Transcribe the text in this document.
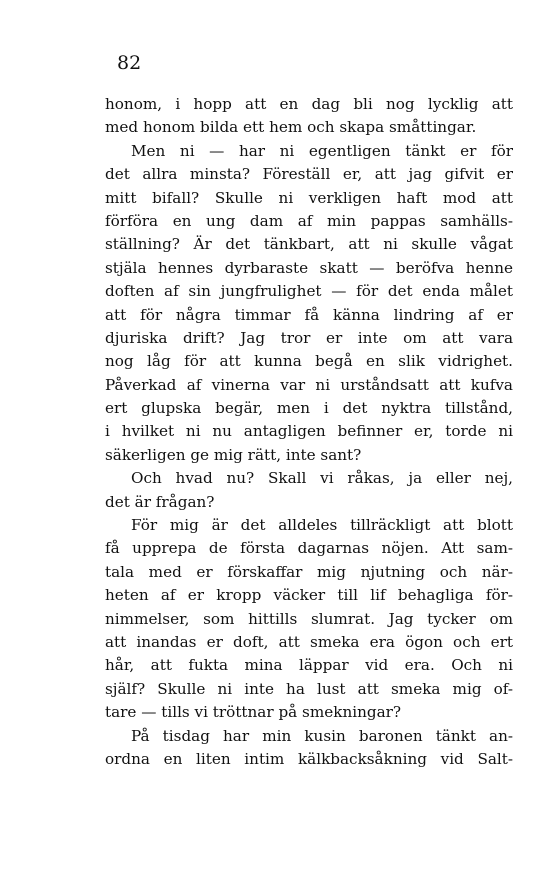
82
honom, i hopp att en dag bli nog lycklig att
med honom bilda ett hem och skapa småttingar.
Men ni — har ni egentligen tänkt er för
det allra minsta? Föreställ er, att jag gifvit er
mitt bifall? Skulle ni verkligen haft mod att
förföra en ung dam af min pappas samhälls-
ställning? Är det tänkbart, att ni skulle vågat
stjäla hennes dyrbaraste skatt — beröfva henne
doften af sin jungfrulighet — för det enda målet
att för några timmar få känna lindring af er
djuriska drift? Jag tror er inte om att vara
nog låg för att kunna begå en slik vidrighet.
Påverkad af vinerna var ni urståndsatt att kufva
ert glupska begär, men i det nyktra tillstånd,
i hvilket ni nu antagligen befinner er, torde ni
säkerligen ge mig rätt, inte sant?
Och hvad nu? Skall vi råkas, ja eller nej,
det är frågan?
För mig är det alldeles tillräckligt att blott
få upprepa de första dagarnas nöjen. Att sam-
tala med er förskaffar mig njutning och när-
heten af er kropp väcker till lif behagliga för-
nimmelser, som hittills slumrat. Jag tycker om
att inandas er doft, att smeka era ögon och ert
hår, att fukta mina läppar vid era. Och ni
själf? Skulle ni inte ha lust att smeka mig of-
tare — tills vi tröttnar på smekningar?
På tisdag har min kusin baronen tänkt an-
ordna en liten intim kälkbacksåkning vid Salt-
